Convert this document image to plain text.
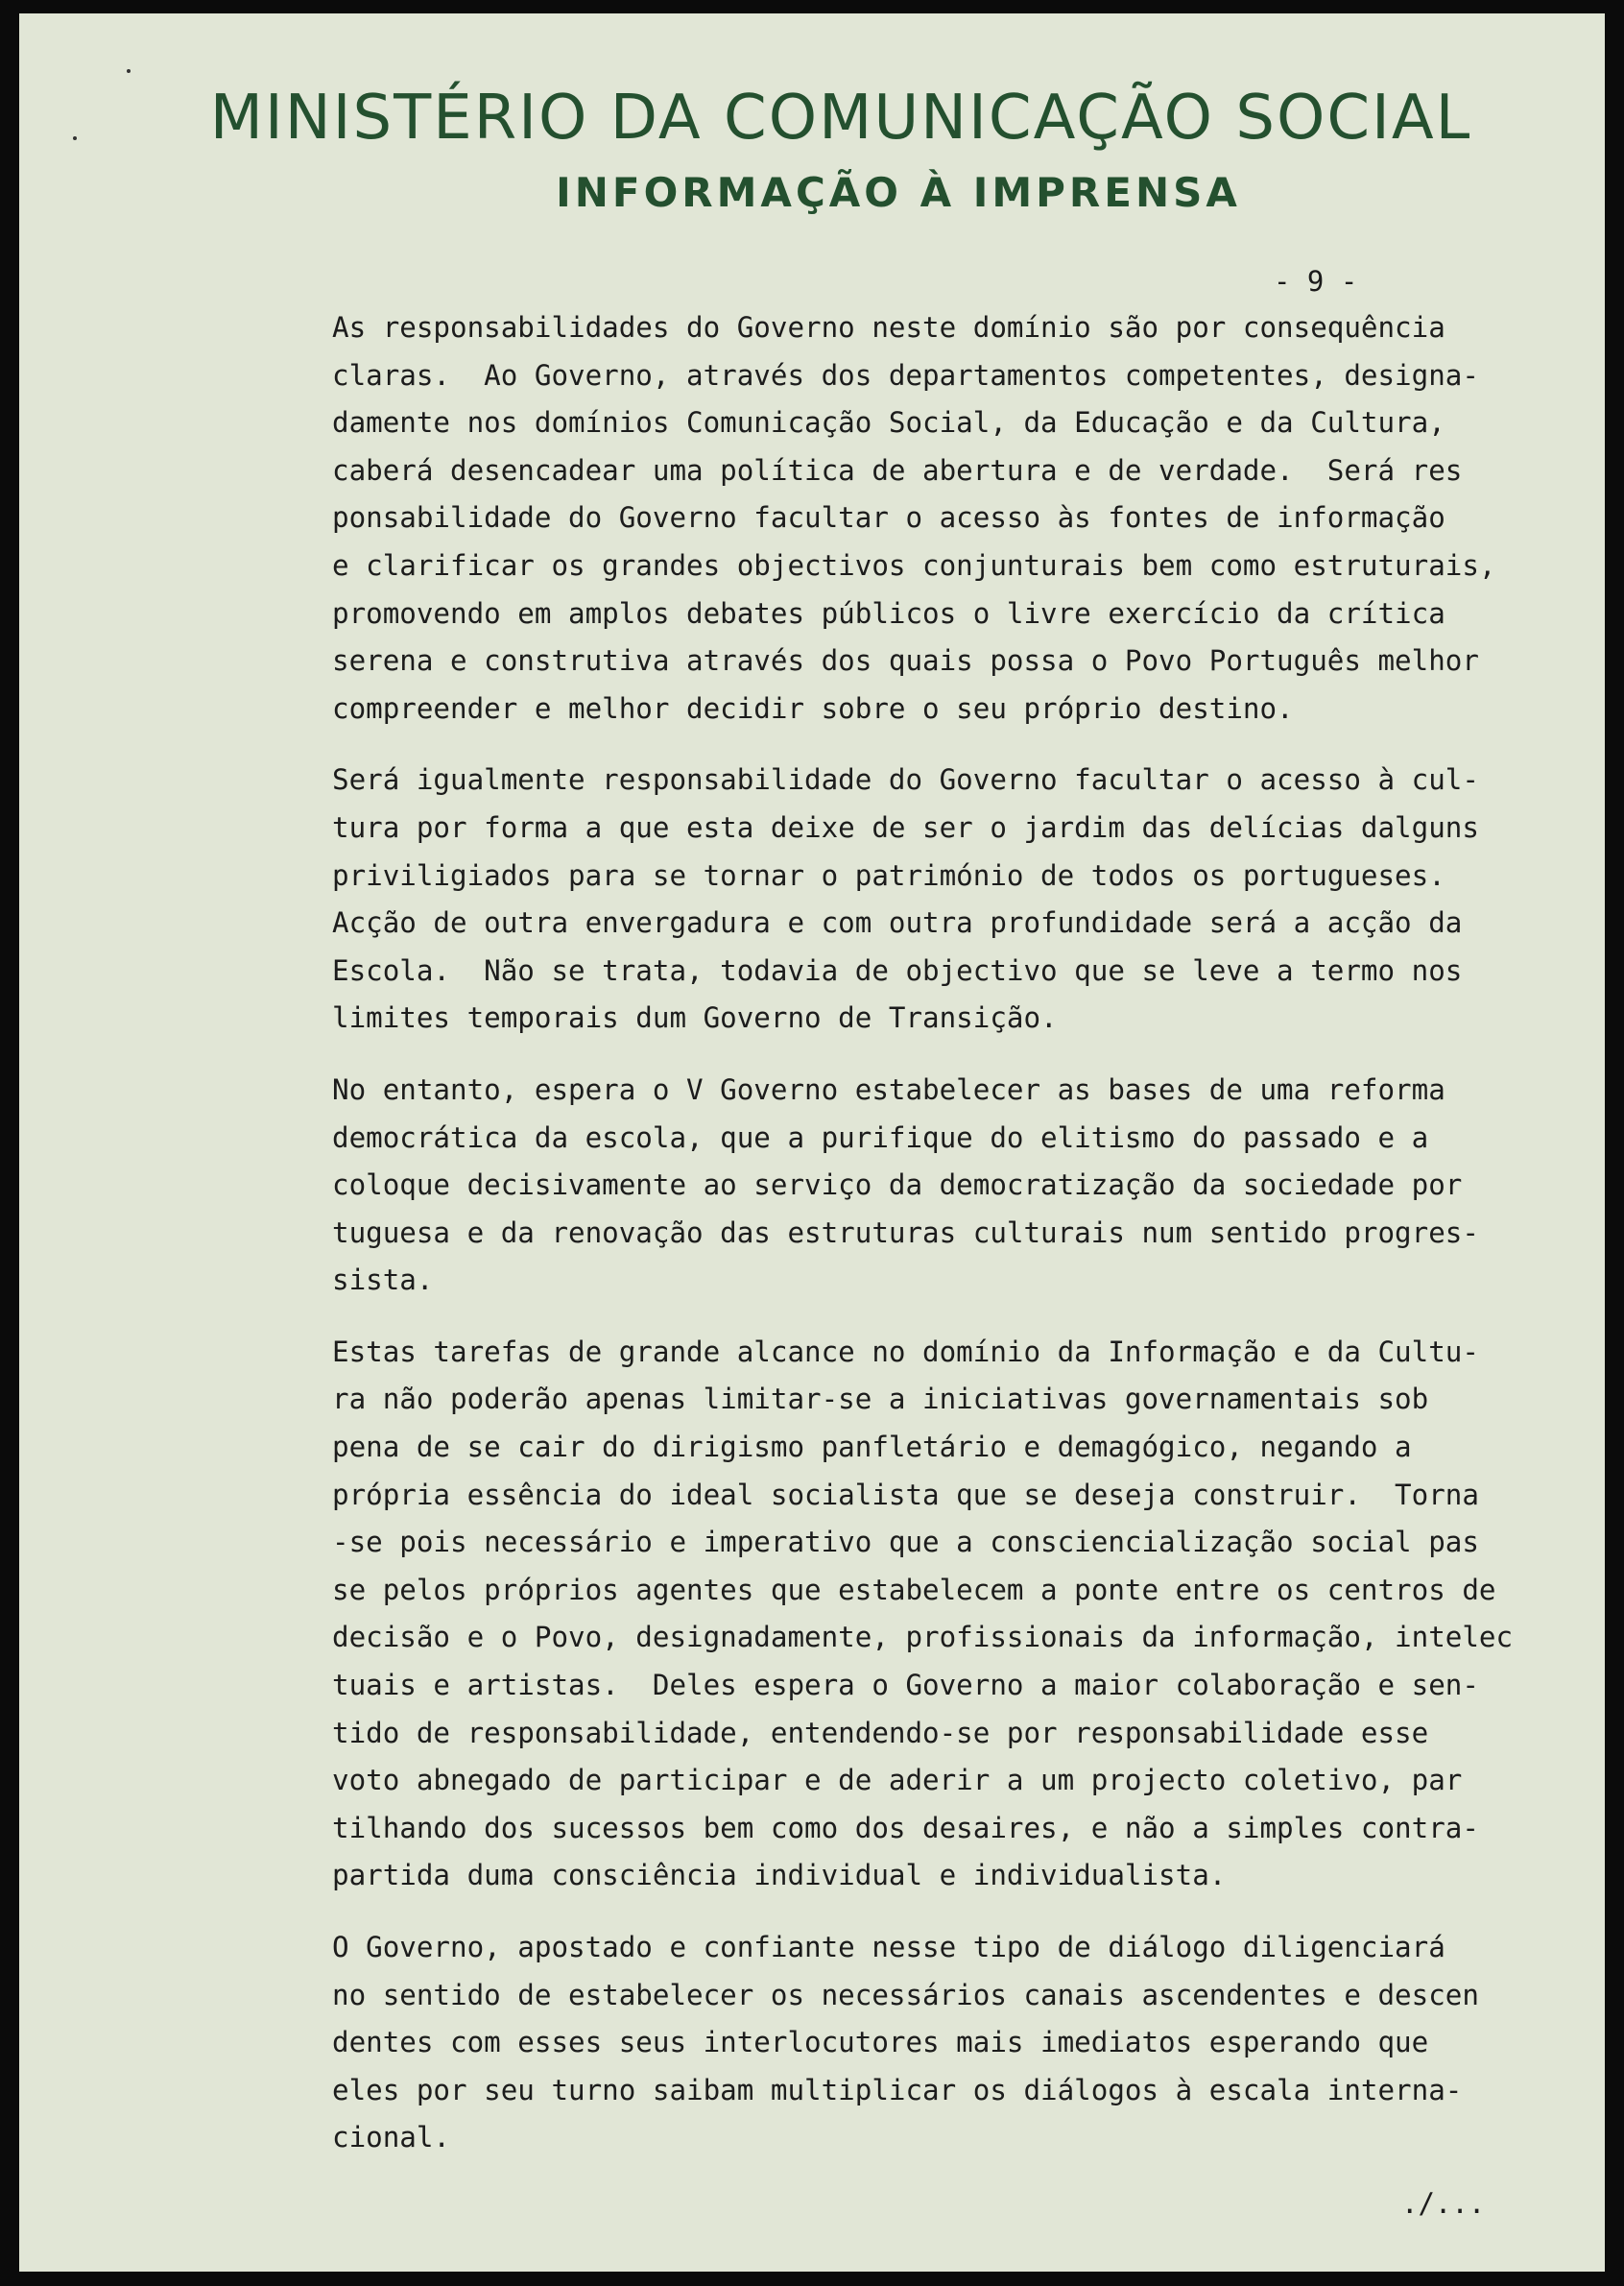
MINISTÉRIO DA COMUNICAÇÃO SOCIAL
INFORMAÇÃO À IMPRENSA
- 9 -

As responsabilidades do Governo neste domínio são por consequência
claras.  Ao Governo, através dos departamentos competentes, designa-
damente nos domínios Comunicação Social, da Educação e da Cultura,
caberá desencadear uma política de abertura e de verdade.  Será res
ponsabilidade do Governo facultar o acesso às fontes de informação
e clarificar os grandes objectivos conjunturais bem como estruturais,
promovendo em amplos debates públicos o livre exercício da crítica
serena e construtiva através dos quais possa o Povo Português melhor
compreender e melhor decidir sobre o seu próprio destino.

Será igualmente responsabilidade do Governo facultar o acesso à cul-
tura por forma a que esta deixe de ser o jardim das delícias dalguns
priviligiados para se tornar o património de todos os portugueses.
Acção de outra envergadura e com outra profundidade será a acção da
Escola.  Não se trata, todavia de objectivo que se leve a termo nos
limites temporais dum Governo de Transição.

No entanto, espera o V Governo estabelecer as bases de uma reforma
democrática da escola, que a purifique do elitismo do passado e a
coloque decisivamente ao serviço da democratização da sociedade por
tuguesa e da renovação das estruturas culturais num sentido progres-
sista.

Estas tarefas de grande alcance no domínio da Informação e da Cultu-
ra não poderão apenas limitar-se a iniciativas governamentais sob
pena de se cair do dirigismo panfletário e demagógico, negando a
própria essência do ideal socialista que se deseja construir.  Torna
-se pois necessário e imperativo que a consciencialização social pas
se pelos próprios agentes que estabelecem a ponte entre os centros de
decisão e o Povo, designadamente, profissionais da informação, intelec
tuais e artistas.  Deles espera o Governo a maior colaboração e sen-
tido de responsabilidade, entendendo-se por responsabilidade esse
voto abnegado de participar e de aderir a um projecto coletivo, par
tilhando dos sucessos bem como dos desaires, e não a simples contra-
partida duma consciência individual e individualista.

O Governo, apostado e confiante nesse tipo de diálogo diligenciará
no sentido de estabelecer os necessários canais ascendentes e descen
dentes com esses seus interlocutores mais imediatos esperando que
eles por seu turno saibam multiplicar os diálogos à escala interna-
cional.

./...
